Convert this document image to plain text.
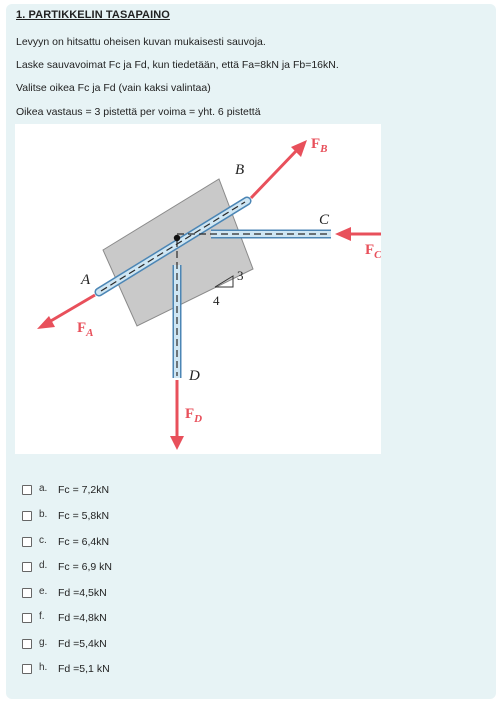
1. PARTIKKELIN TASAPAINO
Levyyn on hitsattu oheisen kuvan mukaisesti sauvoja.
Laske sauvavoimat Fc ja Fd, kun tiedetään, että Fa=8kN ja Fb=16kN.
Valitse oikea Fc ja Fd (vain kaksi valintaa)
Oikea vastaus = 3 pistettä per voima = yht. 6 pistettä
3
4
B
C
A
D
$F_B$
$F_C$
$F_A$
$F_D$
a. Fc = 7,2kN
b. Fc = 5,8kN
c. Fc = 6,4kN
d. Fc = 6,9 kN
e. Fd =4,5kN
f. Fd =4,8kN
g. Fd =5,4kN
h. Fd =5,1 kN
